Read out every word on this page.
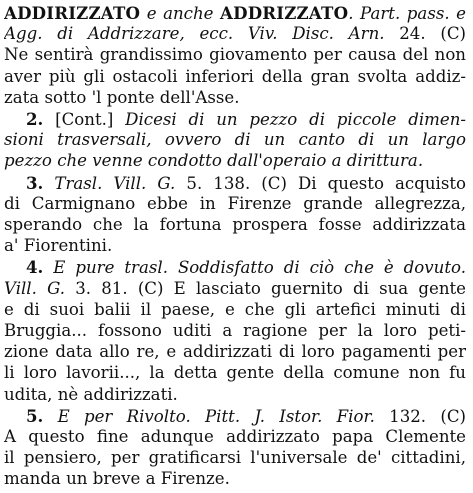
ADDIRIZZATO e anche ADDRIZZATO. Part. pass. e
Agg. di Addrizzare, ecc. Viv. Disc. Arn. 24. (C)
Ne sentirà grandissimo giovamento per causa del non
aver più gli ostacoli inferiori della gran svolta addiz-
zata sotto 'l ponte dell'Asse.
2. [Cont.] Dicesi di un pezzo di piccole dimen-
sioni trasversali, ovvero di un canto di un largo
pezzo che venne condotto dall'operaio a dirittura.
3. Trasl. Vill. G. 5. 138. (C) Di questo acquisto
di Carmignano ebbe in Firenze grande allegrezza,
sperando che la fortuna prospera fosse addirizzata
a' Fiorentini.
4. E pure trasl. Soddisfatto di ciò che è dovuto.
Vill. G. 3. 81. (C) E lasciato guernito di sua gente
e di suoi balii il paese, e che gli artefici minuti di
Bruggia... fossono uditi a ragione per la loro peti-
zione data allo re, e addirizzati di loro pagamenti per
li loro lavorii..., la detta gente della comune non fu
udita, nè addirizzati.
5. E per Rivolto. Pitt. J. Istor. Fior. 132. (C)
A questo fine adunque addirizzato papa Clemente
il pensiero, per gratificarsi l'universale de' cittadini,
manda un breve a Firenze.
